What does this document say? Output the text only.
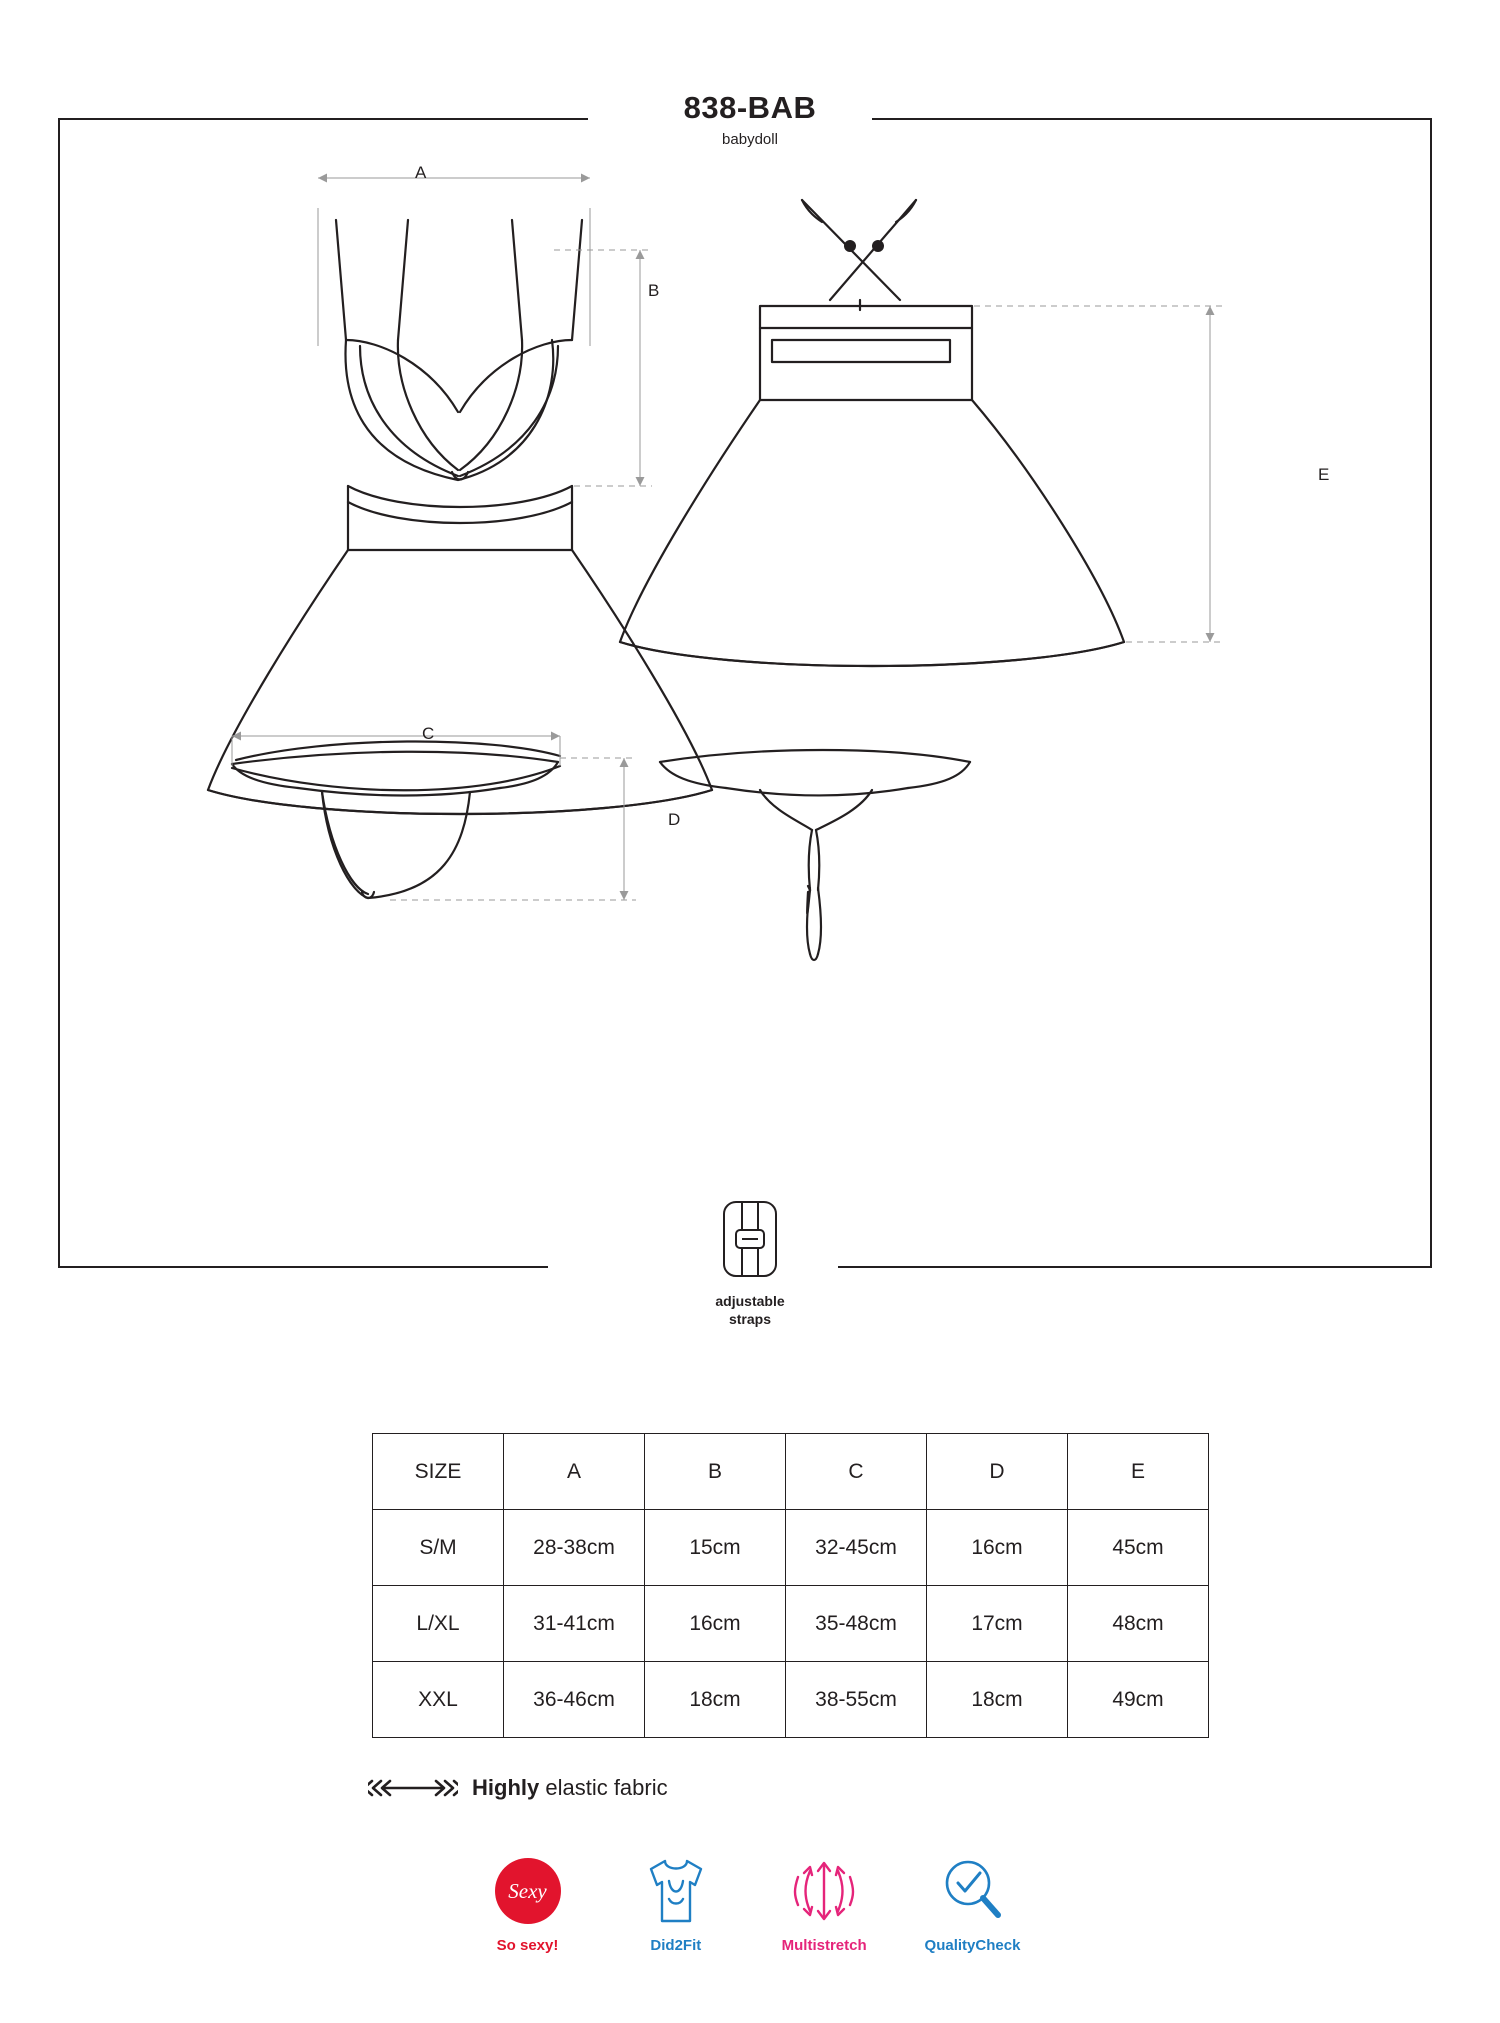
838-BAB
babydoll
A
B
C
D
E
adjustable
straps
SIZE	A	B	C	D	E
S/M	28-38cm	15cm	32-45cm	16cm	45cm
L/XL	31-41cm	16cm	35-48cm	17cm	48cm
XXL	36-46cm	18cm	38-55cm	18cm	49cm
Highly elastic fabric
Sexy
So sexy!	Did2Fit	Multistretch	QualityCheck
